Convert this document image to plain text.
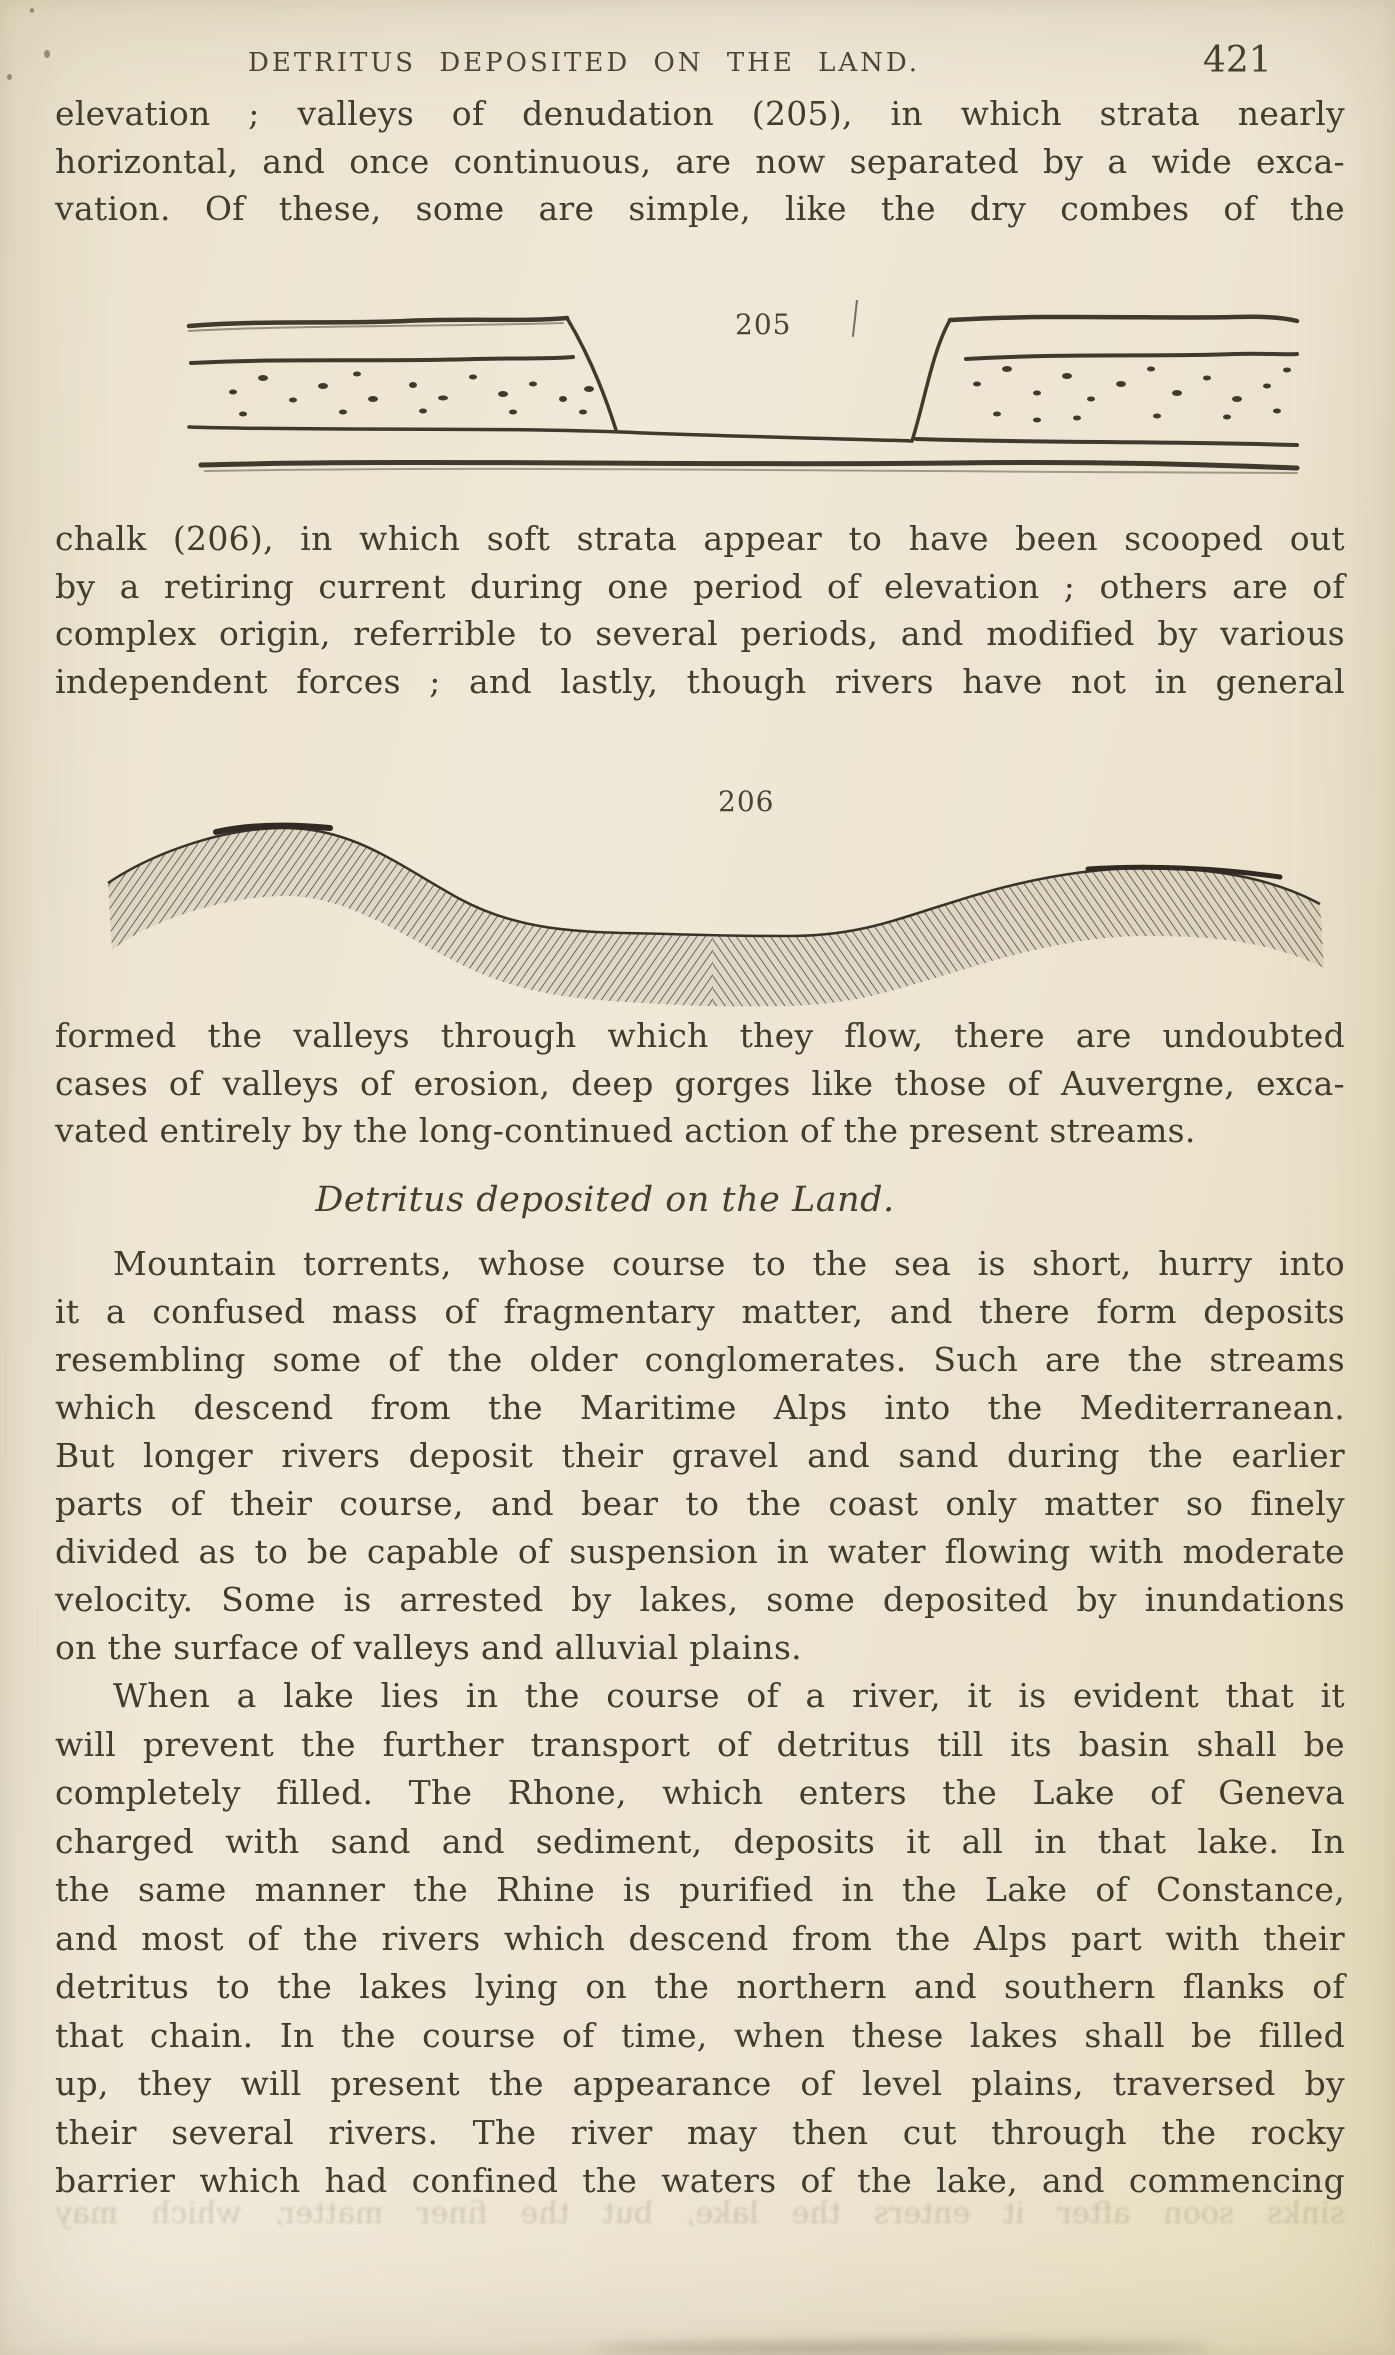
DETRITUS DEPOSITED ON THE LAND.	421
elevation ; valleys of denudation (205), in which strata nearly
horizontal, and once continuous, are now separated by a wide exca-
vation. Of these, some are simple, like the dry combes of the
205
chalk (206), in which soft strata appear to have been scooped out
by a retiring current during one period of elevation ; others are of
complex origin, referrible to several periods, and modified by various
independent forces ; and lastly, though rivers have not in general
206
formed the valleys through which they flow, there are undoubted
cases of valleys of erosion, deep gorges like those of Auvergne, exca-
vated entirely by the long-continued action of the present streams.
Detritus deposited on the Land.
Mountain torrents, whose course to the sea is short, hurry into
it a confused mass of fragmentary matter, and there form deposits
resembling some of the older conglomerates. Such are the streams
which descend from the Maritime Alps into the Mediterranean.
But longer rivers deposit their gravel and sand during the earlier
parts of their course, and bear to the coast only matter so finely
divided as to be capable of suspension in water flowing with moderate
velocity. Some is arrested by lakes, some deposited by inundations
on the surface of valleys and alluvial plains.
When a lake lies in the course of a river, it is evident that it
will prevent the further transport of detritus till its basin shall be
completely filled. The Rhone, which enters the Lake of Geneva
charged with sand and sediment, deposits it all in that lake. In
the same manner the Rhine is purified in the Lake of Constance,
and most of the rivers which descend from the Alps part with their
detritus to the lakes lying on the northern and southern flanks of
that chain. In the course of time, when these lakes shall be filled
up, they will present the appearance of level plains, traversed by
their several rivers. The river may then cut through the rocky
barrier which had confined the waters of the lake, and commencing
sinks soon after it enters the lake, but the finer matter, which may
